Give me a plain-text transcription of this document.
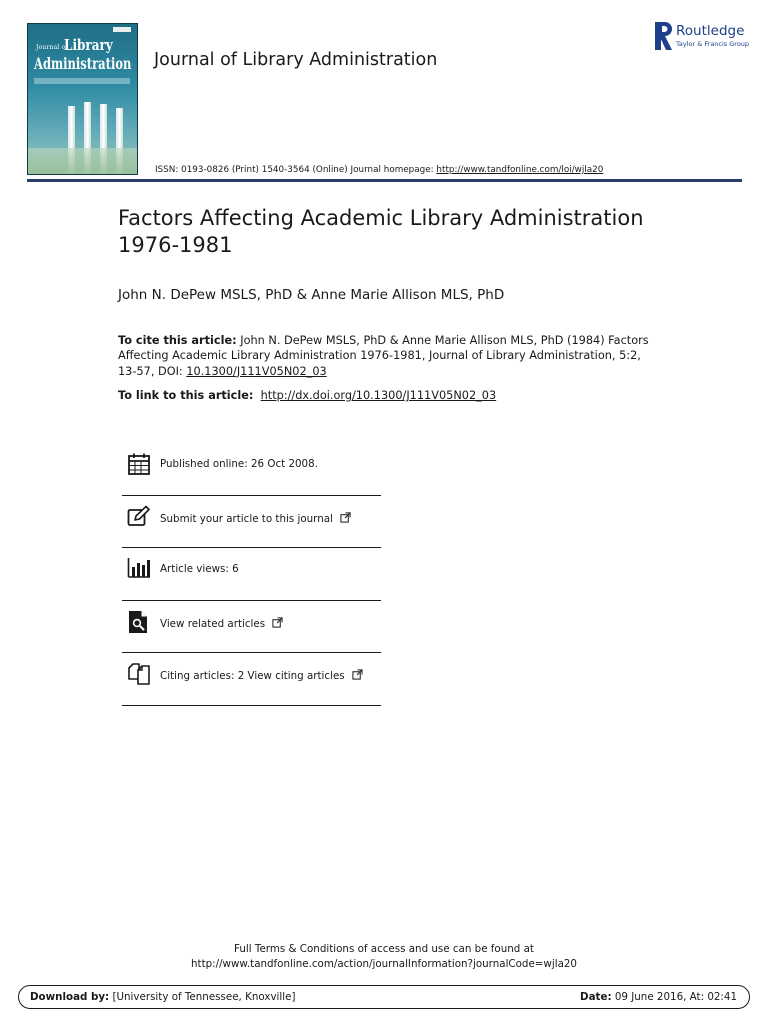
Journal of
Library
Administration Journal of Library Administration
Routledge
Taylor & Francis Group
ISSN: 0193-0826 (Print) 1540-3564 (Online) Journal homepage: http://www.tandfonline.com/loi/wjla20
Factors Affecting Academic Library Administration 1976-1981
John N. DePew MSLS, PhD & Anne Marie Allison MLS, PhD
To cite this article: John N. DePew MSLS, PhD & Anne Marie Allison MLS, PhD (1984) Factors Affecting Academic Library Administration 1976-1981, Journal of Library Administration, 5:2, 13-57, DOI: 10.1300/J111V05N02_03
To link to this article: http://dx.doi.org/10.1300/J111V05N02_03
Published online: 26 Oct 2008.
Submit your article to this journal
Article views: 6
View related articles
Citing articles: 2 View citing articles
Full Terms & Conditions of access and use can be found at
http://www.tandfonline.com/action/journalInformation?journalCode=wjla20
Download by: [University of Tennessee, Knoxville]	Date: 09 June 2016, At: 02:41
